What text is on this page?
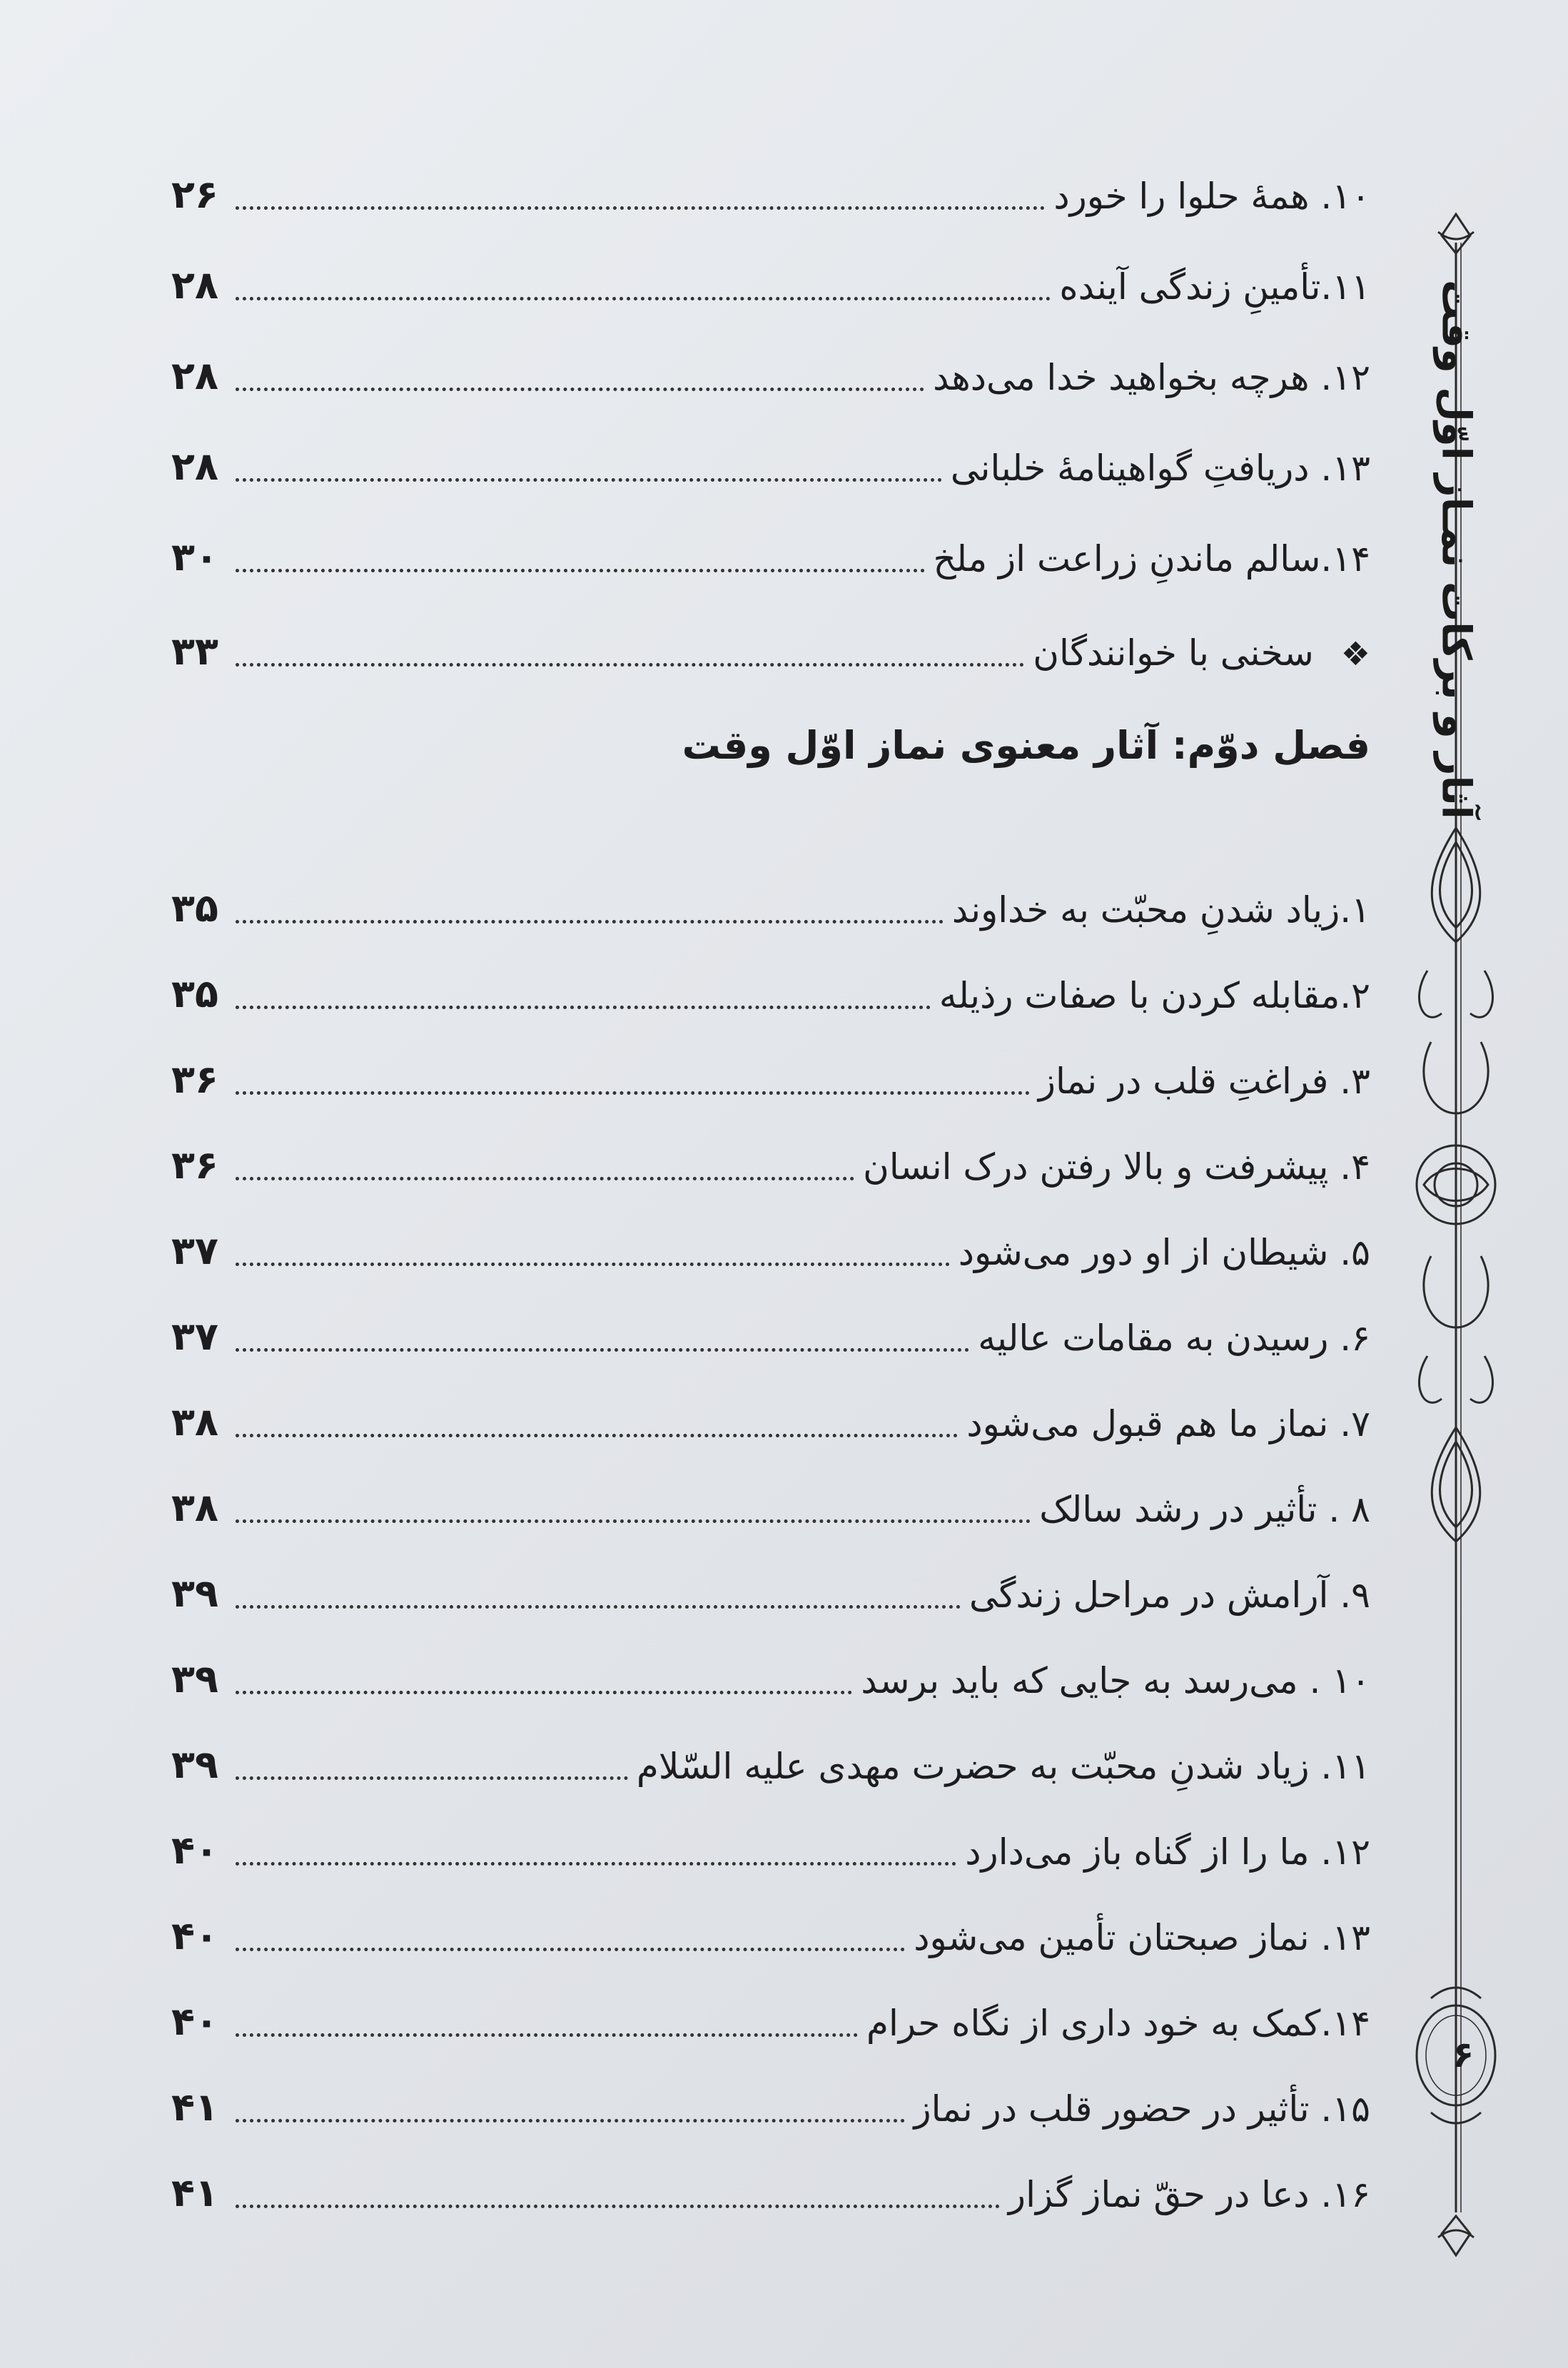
۱۰. همهٔ حلوا را خورد
۲۶
۱۱.تأمینِ زندگی آینده
۲۸
۱۲. هرچه بخواهید خدا می‌دهد
۲۸
۱۳. دریافتِ گواهینامهٔ خلبانی
۲۸
۱۴.سالم ماندنِ زراعت از ملخ
۳۰
❖سخنی با خوانندگان
۳۳
فصل دوّم: آثار معنوی نماز اوّل وقت
۱.زیاد شدنِ محبّت به خداوند
۳۵
۲.مقابله کردن با صفات رذیله
۳۵
۳. فراغتِ قلب در نماز
۳۶
۴. پیشرفت و بالا رفتن درک انسان
۳۶
۵. شیطان از او دور می‌شود
۳۷
۶. رسیدن به مقامات عالیه
۳۷
۷. نماز ما هم قبول می‌شود
۳۸
۸ . تأثیر در رشد سالک
۳۸
۹. آرامش در مراحل زندگی
۳۹
۱۰ . می‌رسد به جایی که باید برسد
۳۹
۱۱. زیاد شدنِ محبّت به حضرت مهدی علیه السّلام
۳۹
۱۲. ما را از گناه باز می‌دارد
۴۰
۱۳. نماز صبحتان تأمین می‌شود
۴۰
۱۴.کمک به خود داری از نگاه حرام
۴۰
۱۵. تأثیر در حضور قلب در نماز
۴۱
۱۶. دعا در حقّ نماز گزار
۴۱
آثار و برکات نمـاز اوّل وقت
۶
